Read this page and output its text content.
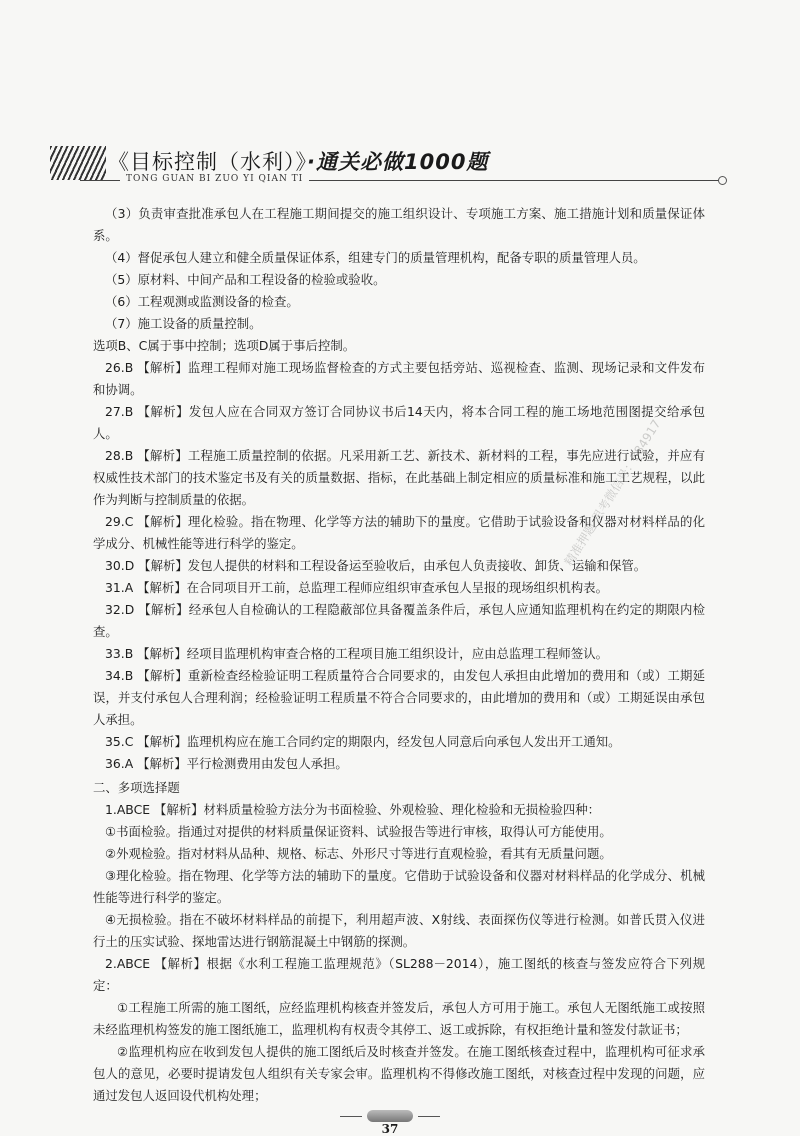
《目标控制（水利）》·通关必做1000题
TONG GUAN BI ZUO YI QIAN TI
精准押题 思考微信号：384917

（3）负责审查批准承包人在工程施工期间提交的施工组织设计、专项施工方案、施工措施计划和质量保证体系。

（4）督促承包人建立和健全质量保证体系，组建专门的质量管理机构，配备专职的质量管理人员。

（5）原材料、中间产品和工程设备的检验或验收。

（6）工程观测或监测设备的检查。

（7）施工设备的质量控制。

选项B、C属于事中控制；选项D属于事后控制。

26.B 【解析】监理工程师对施工现场监督检查的方式主要包括旁站、巡视检查、监测、现场记录和文件发布和协调。

27.B 【解析】发包人应在合同双方签订合同协议书后14天内，将本合同工程的施工场地范围图提交给承包人。

28.B 【解析】工程施工质量控制的依据。凡采用新工艺、新技术、新材料的工程，事先应进行试验，并应有权威性技术部门的技术鉴定书及有关的质量数据、指标，在此基础上制定相应的质量标准和施工工艺规程，以此作为判断与控制质量的依据。

29.C 【解析】理化检验。指在物理、化学等方法的辅助下的量度。它借助于试验设备和仪器对材料样品的化学成分、机械性能等进行科学的鉴定。

30.D 【解析】发包人提供的材料和工程设备运至验收后，由承包人负责接收、卸货、运输和保管。

31.A 【解析】在合同项目开工前，总监理工程师应组织审查承包人呈报的现场组织机构表。

32.D 【解析】经承包人自检确认的工程隐蔽部位具备覆盖条件后，承包人应通知监理机构在约定的期限内检查。

33.B 【解析】经项目监理机构审查合格的工程项目施工组织设计，应由总监理工程师签认。

34.B 【解析】重新检查经检验证明工程质量符合合同要求的，由发包人承担由此增加的费用和（或）工期延误，并支付承包人合理利润；经检验证明工程质量不符合合同要求的，由此增加的费用和（或）工期延误由承包人承担。

35.C 【解析】监理机构应在施工合同约定的期限内，经发包人同意后向承包人发出开工通知。

36.A 【解析】平行检测费用由发包人承担。

二、多项选择题

1.ABCE 【解析】材料质量检验方法分为书面检验、外观检验、理化检验和无损检验四种：

①书面检验。指通过对提供的材料质量保证资料、试验报告等进行审核，取得认可方能使用。

②外观检验。指对材料从品种、规格、标志、外形尺寸等进行直观检验，看其有无质量问题。

③理化检验。指在物理、化学等方法的辅助下的量度。它借助于试验设备和仪器对材料样品的化学成分、机械性能等进行科学的鉴定。

④无损检验。指在不破坏材料样品的前提下，利用超声波、X射线、表面探伤仪等进行检测。如普氏贯入仪进行土的压实试验、探地雷达进行钢筋混凝土中钢筋的探测。

2.ABCE 【解析】根据《水利工程施工监理规范》（SL288－2014），施工图纸的核查与签发应符合下列规定：

①工程施工所需的施工图纸，应经监理机构核查并签发后，承包人方可用于施工。承包人无图纸施工或按照未经监理机构签发的施工图纸施工，监理机构有权责令其停工、返工或拆除，有权拒绝计量和签发付款证书；

②监理机构应在收到发包人提供的施工图纸后及时核查并签发。在施工图纸核查过程中，监理机构可征求承包人的意见，必要时提请发包人组织有关专家会审。监理机构不得修改施工图纸，对核查过程中发现的问题，应通过发包人返回设代机构处理；

37
